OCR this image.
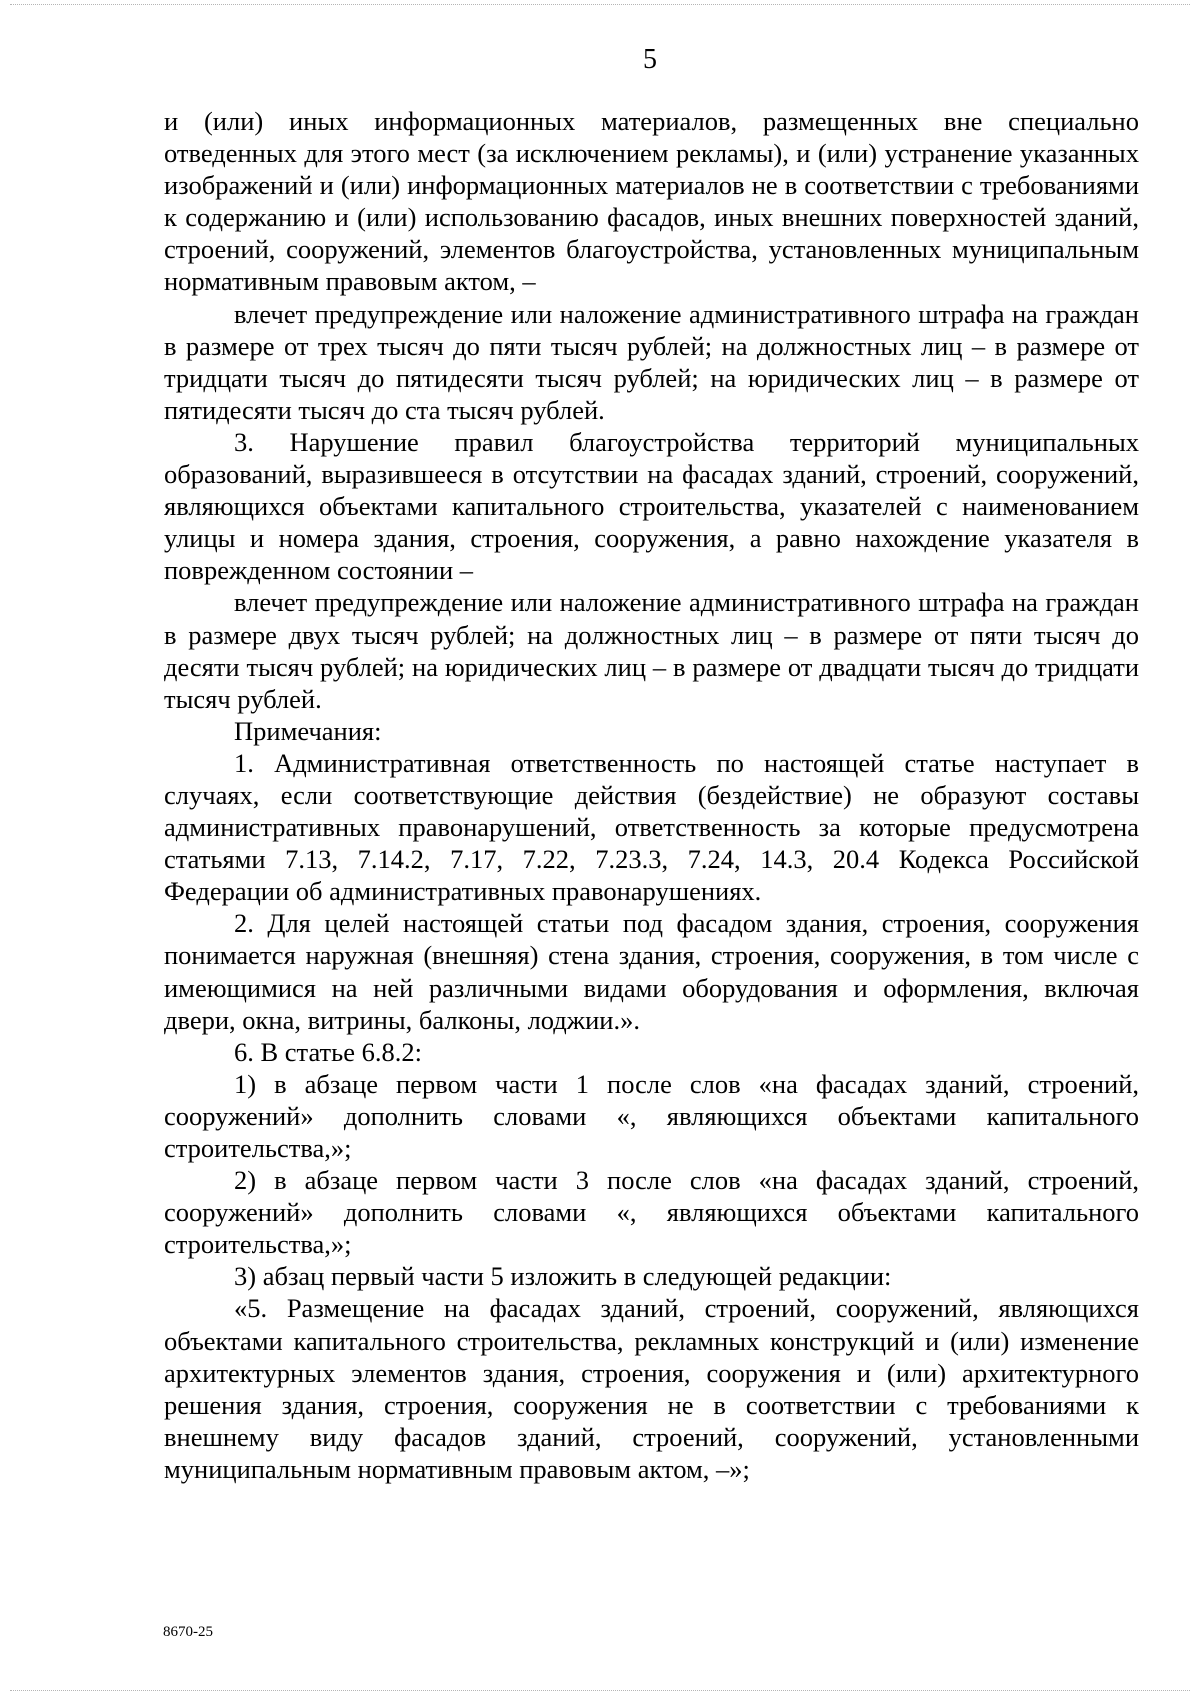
5

и (или) иных информационных материалов, размещенных вне специально отведенных для этого мест (за исключением рекламы), и (или) устранение указанных изображений и (или) информационных материалов не в соответствии с требованиями к содержанию и (или) использованию фасадов, иных внешних поверхностей зданий, строений, сооружений, элементов благоустройства, установленных муниципальным нормативным правовым актом, –

влечет предупреждение или наложение административного штрафа на граждан в размере от трех тысяч до пяти тысяч рублей; на должностных лиц – в размере от тридцати тысяч до пятидесяти тысяч рублей; на юридических лиц – в размере от пятидесяти тысяч до ста тысяч рублей.

3. Нарушение правил благоустройства территорий муниципальных образований, выразившееся в отсутствии на фасадах зданий, строений, сооружений, являющихся объектами капитального строительства, указателей с наименованием улицы и номера здания, строения, сооружения, а равно нахождение указателя в поврежденном состоянии –

влечет предупреждение или наложение административного штрафа на граждан в размере двух тысяч рублей; на должностных лиц – в размере от пяти тысяч до десяти тысяч рублей; на юридических лиц – в размере от двадцати тысяч до тридцати тысяч рублей.

Примечания:

1. Административная ответственность по настоящей статье наступает в случаях, если соответствующие действия (бездействие) не образуют составы административных правонарушений, ответственность за которые предусмотрена статьями 7.13, 7.14.2, 7.17, 7.22, 7.23.3, 7.24, 14.3, 20.4 Кодекса Российской Федерации об административных правонарушениях.

2. Для целей настоящей статьи под фасадом здания, строения, сооружения понимается наружная (внешняя) стена здания, строения, сооружения, в том числе с имеющимися на ней различными видами оборудования и оформления, включая двери, окна, витрины, балконы, лоджии.».

6. В статье 6.8.2:

1) в абзаце первом части 1 после слов «на фасадах зданий, строений, сооружений» дополнить словами «, являющихся объектами капитального строительства,»;

2) в абзаце первом части 3 после слов «на фасадах зданий, строений, сооружений» дополнить словами «, являющихся объектами капитального строительства,»;

3) абзац первый части 5 изложить в следующей редакции:

«5. Размещение на фасадах зданий, строений, сооружений, являющихся объектами капитального строительства, рекламных конструкций и (или) изменение архитектурных элементов здания, строения, сооружения и (или) архитектурного решения здания, строения, сооружения не в соответствии с требованиями к внешнему виду фасадов зданий, строений, сооружений, установленными муниципальным нормативным правовым актом, –»;

8670-25
